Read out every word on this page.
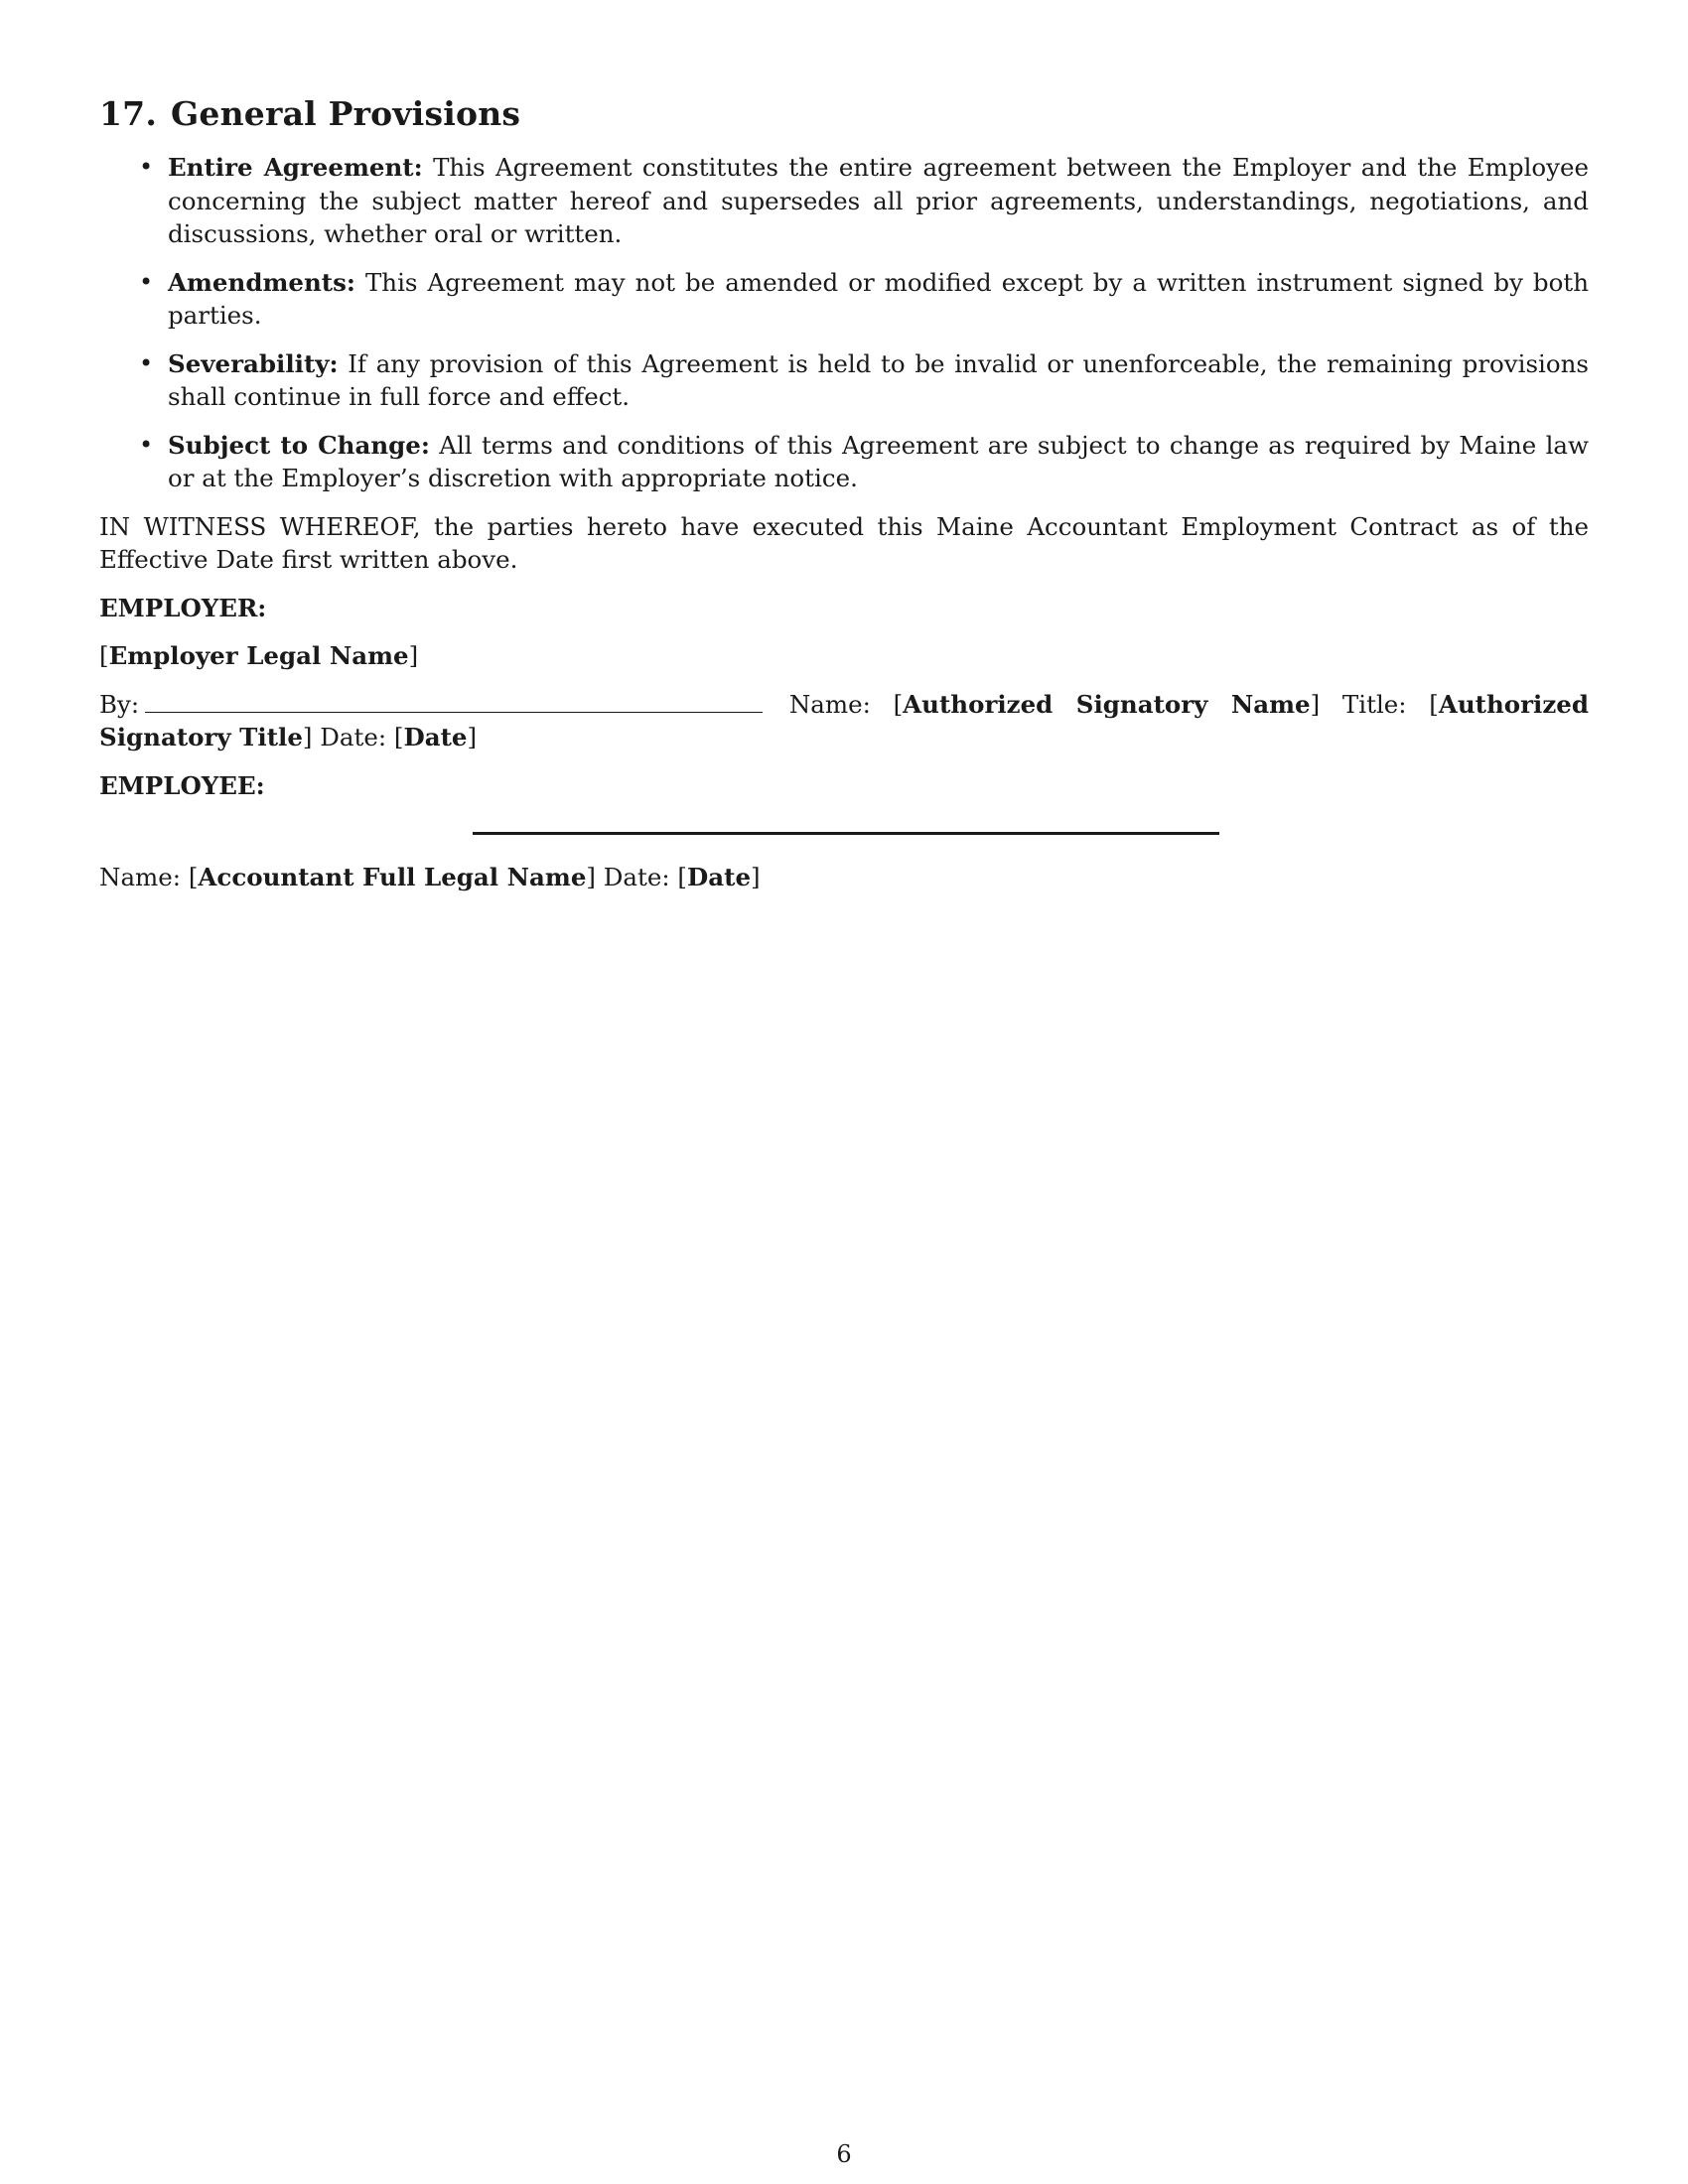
17. General Provisions
• Entire Agreement: This Agreement constitutes the entire agreement between the Employer and the Employee concerning the subject matter hereof and supersedes all prior agreements, understandings, negotiations, and discussions, whether oral or written.
• Amendments: This Agreement may not be amended or modified except by a written instrument signed by both parties.
• Severability: If any provision of this Agreement is held to be invalid or unenforceable, the remaining provisions shall continue in full force and effect.
• Subject to Change: All terms and conditions of this Agreement are subject to change as required by Maine law or at the Employer’s discretion with appropriate notice.

IN WITNESS WHEREOF, the parties hereto have executed this Maine Accountant Employment Contract as of the Effective Date first written above.

EMPLOYER:
[Employer Legal Name]
By:	Name: [Authorized Signatory Name] Title: [Authorized Signatory Title] Date: [Date]
EMPLOYEE:
Name: [Accountant Full Legal Name] Date: [Date]
6
